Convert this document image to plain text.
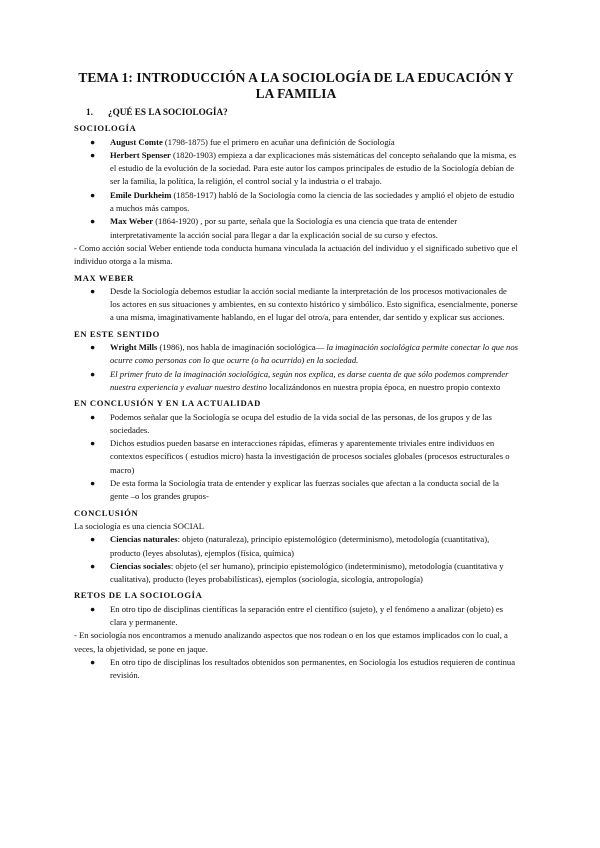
TEMA 1: INTRODUCCIÓN A LA SOCIOLOGÍA DE LA EDUCACIÓN Y LA FAMILIA
1. ¿QUÉ ES LA SOCIOLOGÍA?
SOCIOLOGÍA
● August Comte (1798-1875) fue el primero en acuñar una definición de Sociología
● Herbert Spenser (1820-1903) empieza a dar explicaciones más sistemáticas del concepto señalando que la misma, es el estudio de la evolución de la sociedad. Para este autor los campos principales de estudio de la Sociología debían de ser la familia, la política, la religión, el control social y la industria o el trabajo.
● Emile Durkheim (1858-1917) habló de la Sociología como la ciencia de las sociedades y amplió el objeto de estudio a muchos más campos.
● Max Weber (1864-1920) , por su parte, señala que la Sociología es una ciencia que trata de entender interpretativamente la acción social para llegar a dar la explicación social de su curso y efectos.

- Como acción social Weber entiende toda conducta humana vinculada la actuación del individuo y el significado subetivo que el individuo otorga a la misma.

MAX WEBER
● Desde la Sociología debemos estudiar la acción social mediante la interpretación de los procesos motivacionales de los actores en sus situaciones y ambientes, en su contexto histórico y simbólico. Esto significa, esencialmente, ponerse a una misma, imaginativamente hablando, en el lugar del otro/a, para entender, dar sentido y explicar sus acciones.
EN ESTE SENTIDO
● Wright Mills (1986), nos habla de imaginación sociológica— la imaginación sociológica permite conectar lo que nos ocurre como personas con lo que ocurre (o ha ocurrido) en la sociedad.
● El primer fruto de la imaginación sociológica, según nos explica, es darse cuenta de que sólo podemos comprender nuestra experiencia y evaluar nuestro destino localizándonos en nuestra propia época, en nuestro propio contexto
EN CONCLUSIÓN Y EN LA ACTUALIDAD
● Podemos señalar que la Sociología se ocupa del estudio de la vida social de las personas, de los grupos y de las sociedades.
● Dichos estudios pueden basarse en interacciones rápidas, efímeras y aparentemente triviales entre individuos en contextos específicos ( estudios micro) hasta la investigación de procesos sociales globales (procesos estructurales o macro)
● De esta forma la Sociología trata de entender y explicar las fuerzas sociales que afectan a la conducta social de la gente –o los grandes grupos-
CONCLUSIÓN

La sociología es una ciencia SOCIAL

● Ciencias naturales: objeto (naturaleza), principio epistemológico (determinismo), metodología (cuantitativa), producto (leyes absolutas), ejemplos (física, química)
● Ciencias sociales: objeto (el ser humano), principio epistemológico (indeterminismo), metodología (cuantitativa y cualitativa), producto (leyes probabilísticas), ejemplos (sociología, sicología, antropología)
RETOS DE LA SOCIOLOGÍA
● En otro tipo de disciplinas científicas la separación entre el científico (sujeto), y el fenómeno a analizar (objeto) es clara y permanente.

- En sociología nos encontramos a menudo analizando aspectos que nos rodean o en los que estamos implicados con lo cual, a veces, la objetividad, se pone en jaque.

● En otro tipo de disciplinas los resultados obtenidos son permanentes, en Sociología los estudios requieren de continua revisión.
